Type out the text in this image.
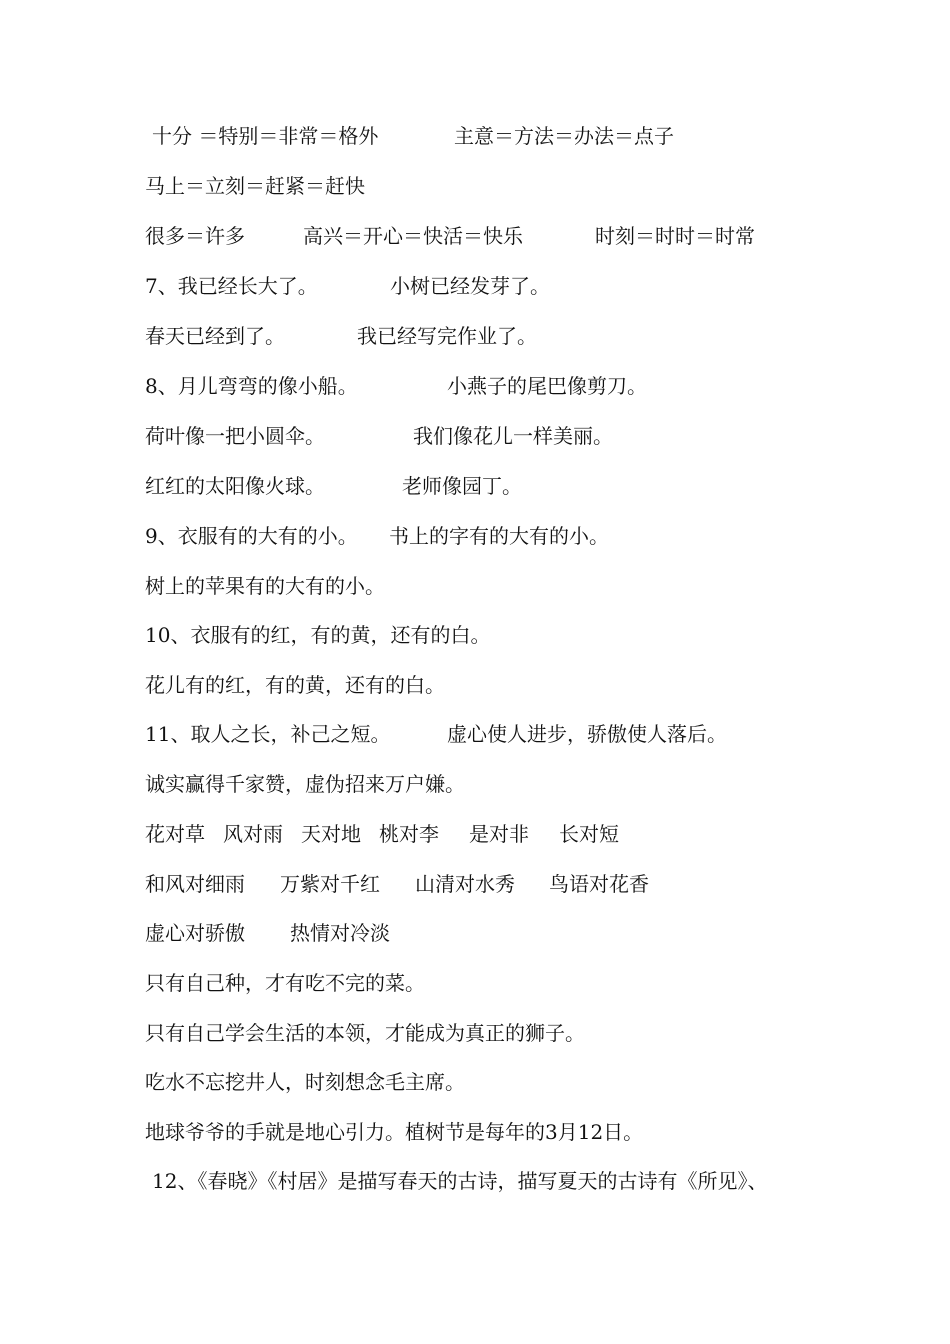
十分 ＝特别＝非常＝格外	主意＝方法＝办法＝点子
马上＝立刻＝赶紧＝赶快
很多＝许多	高兴＝开心＝快活＝快乐	时刻＝时时＝时常
7、我已经长大了。	小树已经发芽了。
春天已经到了。	我已经写完作业了。
8、月儿弯弯的像小船。	小燕子的尾巴像剪刀。
荷叶像一把小圆伞。	我们像花儿一样美丽。
红红的太阳像火球。	老师像园丁。
9、衣服有的大有的小。 书上的字有的大有的小。
树上的苹果有的大有的小。
10、衣服有的红，有的黄，还有的白。
花儿有的红，有的黄，还有的白。
11、取人之长，补己之短。	虚心使人进步，骄傲使人落后。
诚实赢得千家赞，虚伪招来万户嫌。
花对草 风对雨 天对地 桃对李 是对非 长对短
和风对细雨 万紫对千红 山清对水秀 鸟语对花香
虚心对骄傲 热情对冷淡
只有自己种，才有吃不完的菜。
只有自己学会生活的本领，才能成为真正的狮子。
吃水不忘挖井人，时刻想念毛主席。
地球爷爷的手就是地心引力。植树节是每年的3月12日。
12、《春晓》《村居》是描写春天的古诗，描写夏天的古诗有《所见》、
